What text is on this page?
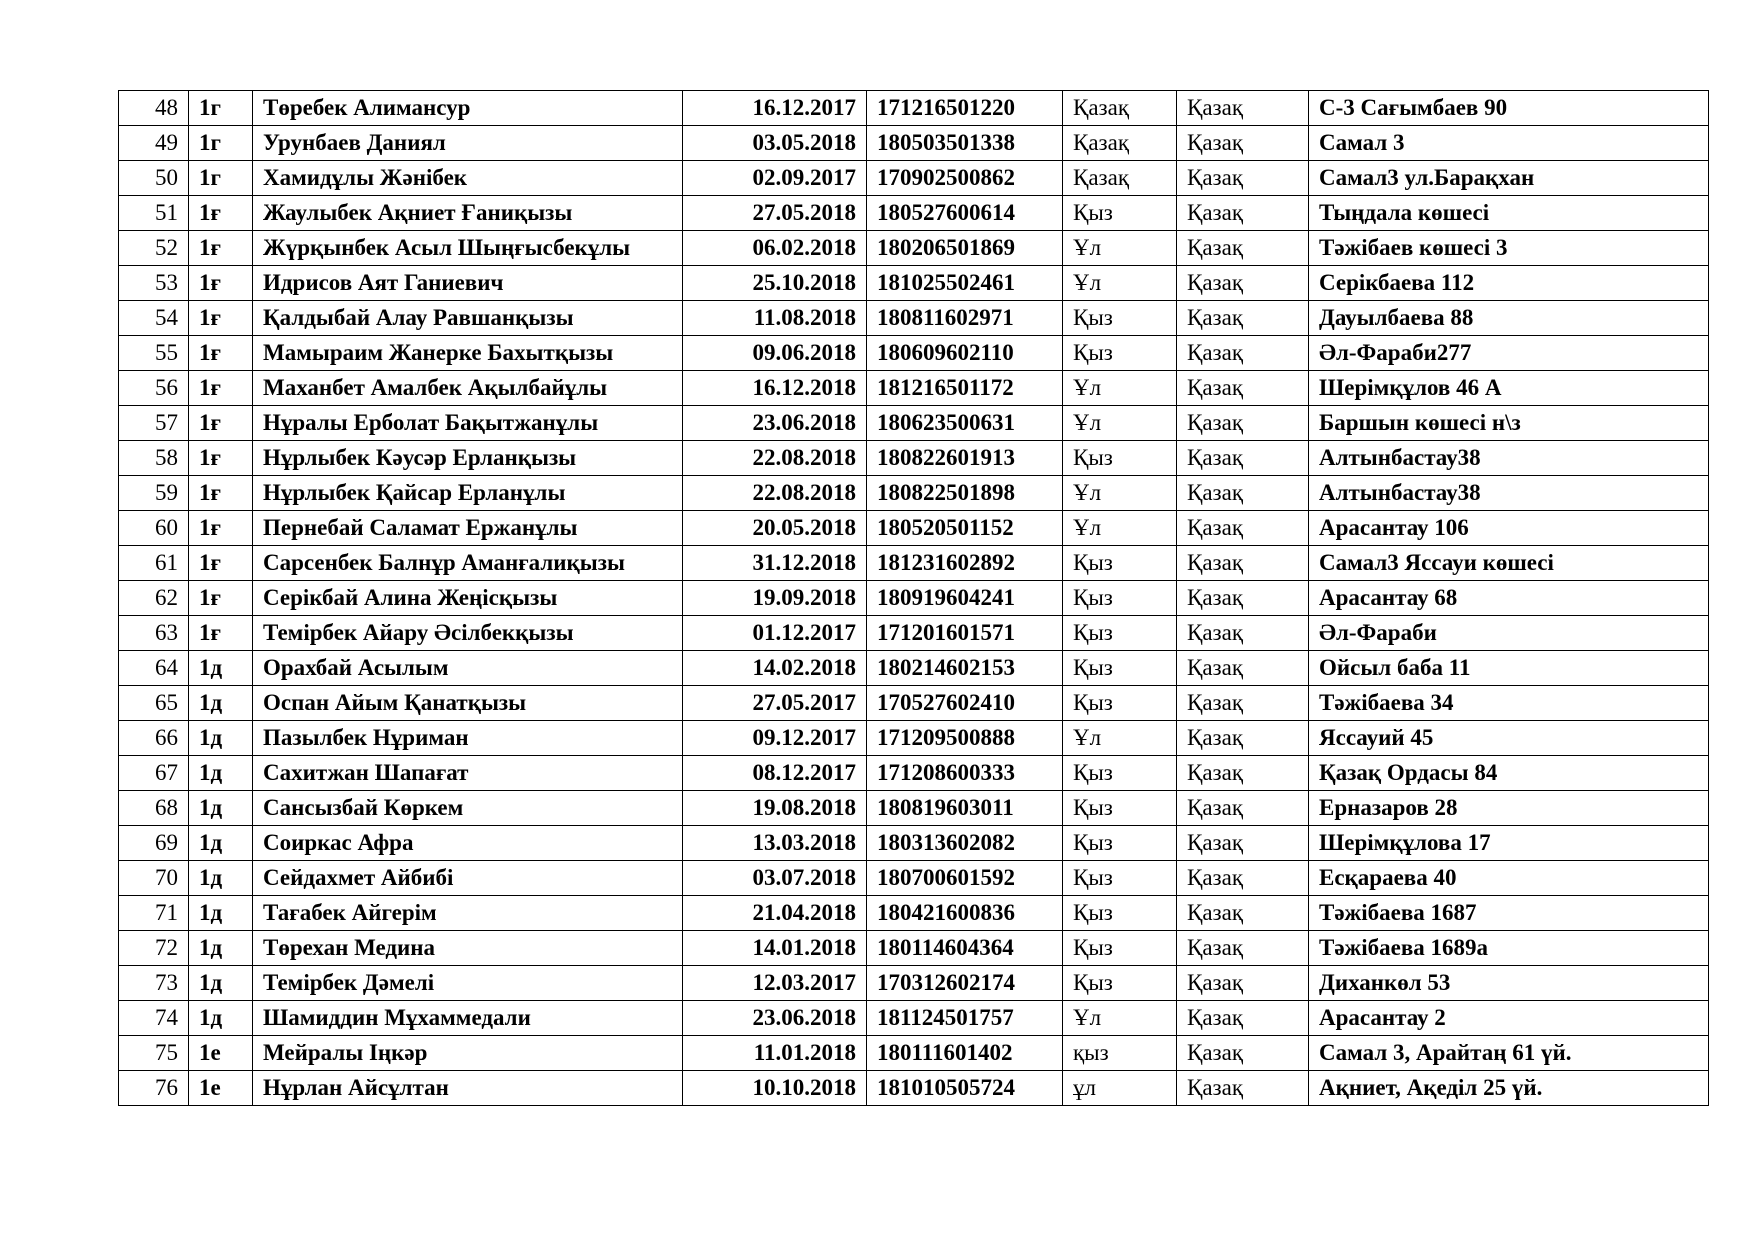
48	1г	Төребек Алимансур	16.12.2017	171216501220	Қазақ	Қазақ	С-3 Сағымбаев 90
49	1г	Урунбаев Даниял	03.05.2018	180503501338	Қазақ	Қазақ	Самал 3
50	1г	Хамидұлы Жәнібек	02.09.2017	170902500862	Қазақ	Қазақ	Самал3 ул.Барақхан
51	1ғ	Жаулыбек Ақниет Ғаниқызы	27.05.2018	180527600614	Қыз	Қазақ	Тыңдала көшесі
52	1ғ	Жүрқынбек Асыл Шыңғысбекұлы	06.02.2018	180206501869	Ұл	Қазақ	Тәжібаев көшесі 3
53	1ғ	Идрисов Аят Ганиевич	25.10.2018	181025502461	Ұл	Қазақ	Серікбаева 112
54	1ғ	Қалдыбай Алау Равшанқызы	11.08.2018	180811602971	Қыз	Қазақ	Дауылбаева 88
55	1ғ	Мамыраим Жанерке Бахытқызы	09.06.2018	180609602110	Қыз	Қазақ	Әл-Фараби277
56	1ғ	Маханбет Амалбек Ақылбайұлы	16.12.2018	181216501172	Ұл	Қазақ	Шерімқұлов 46 А
57	1ғ	Нұралы Ерболат Бақытжанұлы	23.06.2018	180623500631	Ұл	Қазақ	Баршын көшесі н\з
58	1ғ	Нұрлыбек Кәусәр Ерланқызы	22.08.2018	180822601913	Қыз	Қазақ	Алтынбастау38
59	1ғ	Нұрлыбек Қайсар Ерланұлы	22.08.2018	180822501898	Ұл	Қазақ	Алтынбастау38
60	1ғ	Пернебай Саламат Ержанұлы	20.05.2018	180520501152	Ұл	Қазақ	Арасантау 106
61	1ғ	Сарсенбек Балнұр Аманғалиқызы	31.12.2018	181231602892	Қыз	Қазақ	Самал3 Яссауи көшесі
62	1ғ	Серікбай Алина Жеңісқызы	19.09.2018	180919604241	Қыз	Қазақ	Арасантау 68
63	1ғ	Темірбек Айару Әсілбекқызы	01.12.2017	171201601571	Қыз	Қазақ	Әл-Фараби
64	1д	Орахбай Асылым	14.02.2018	180214602153	Қыз	Қазақ	Ойсыл баба 11
65	1д	Оспан Айым Қанатқызы	27.05.2017	170527602410	Қыз	Қазақ	Тәжібаева 34
66	1д	Пазылбек Нұриман	09.12.2017	171209500888	Ұл	Қазақ	Яссауий 45
67	1д	Сахитжан Шапағат	08.12.2017	171208600333	Қыз	Қазақ	Қазақ Ордасы 84
68	1д	Сансызбай Көркем	19.08.2018	180819603011	Қыз	Қазақ	Ерназаров 28
69	1д	Соиркас Афра	13.03.2018	180313602082	Қыз	Қазақ	Шерімқұлова 17
70	1д	Сейдахмет Айбибі	03.07.2018	180700601592	Қыз	Қазақ	Есқараева 40
71	1д	Тағабек Айгерім	21.04.2018	180421600836	Қыз	Қазақ	Тәжібаева 1687
72	1д	Төрехан Медина	14.01.2018	180114604364	Қыз	Қазақ	Тәжібаева 1689а
73	1д	Темірбек Дәмелі	12.03.2017	170312602174	Қыз	Қазақ	Диханкөл 53
74	1д	Шамиддин Мұхаммедали	23.06.2018	181124501757	Ұл	Қазақ	Арасантау 2
75	1е	Мейралы Іңкәр	11.01.2018	180111601402	қыз	Қазақ	Самал 3, Арайтаң 61 үй.
76	1е	Нұрлан Айсұлтан	10.10.2018	181010505724	ұл	Қазақ	Ақниет, Ақеділ 25 үй.
